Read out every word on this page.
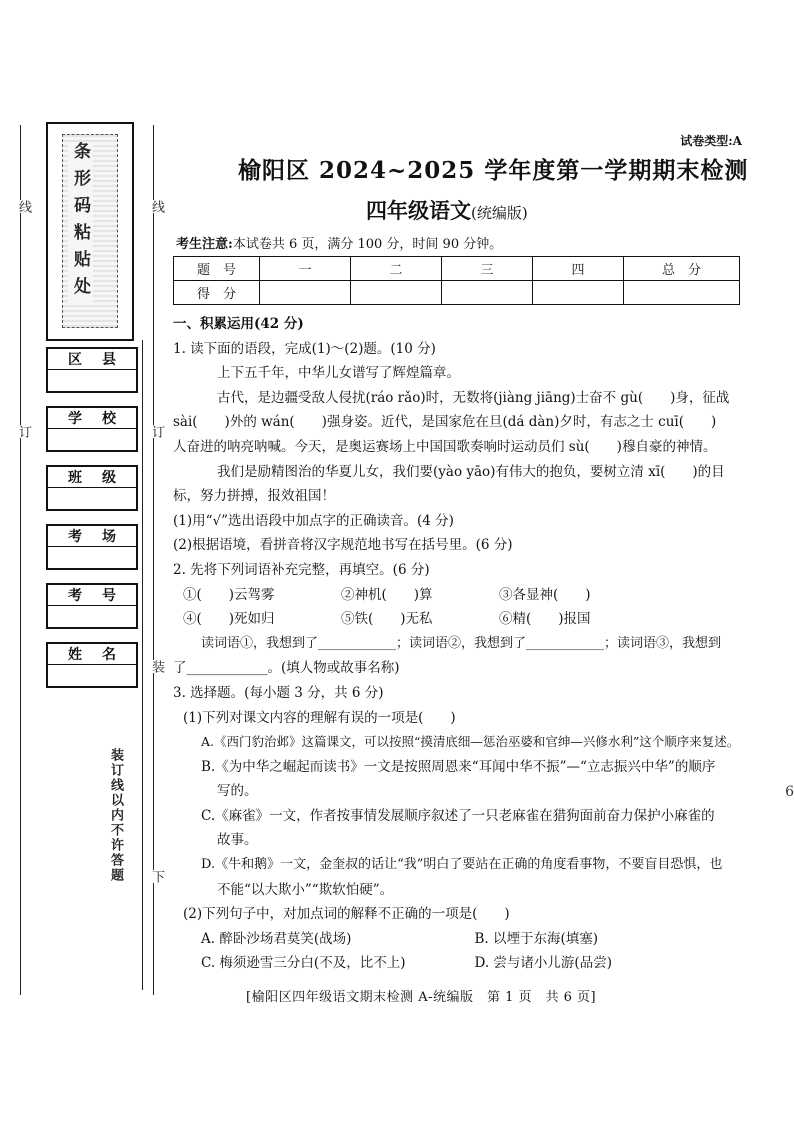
线	线
订	订
装
下
装订线以内不许答题
条形码粘贴处
区 县
学 校
班 级
考 场
考 号
姓 名
试卷类型:A
榆阳区 2024~2025 学年度第一学期期末检测
四年级语文(统编版)
考生注意:本试卷共 6 页，满分 100 分，时间 90 分钟。
题　号	一	二	三	四	总　分
得　分					

一、积累运用(42 分)

1. 读下面的语段，完成(1)～(2)题。(10 分)

上下五千年，中华儿女谱写了辉煌篇章。

古代，是边疆受敌人侵扰(ráo rǎo)时，无数将(jiàng jiāng)士奋不 gù(　　)身，征战

sài(　　)外的 wán(　　)强身姿。近代，是国家危在旦(dá dàn)夕时，有志之士 cuī(　　)

人奋进的呐亮呐喊。今天，是奥运赛场上中国国歌奏响时运动员们 sù(　　)穆自豪的神情。

我们是励精图治的华夏儿女，我们要(yào yāo)有伟大的抱负，要树立清 xī(　　)的目

标，努力拼搏，报效祖国！

(1)用“√”选出语段中加点字的正确读音。(4 分)

(2)根据语境，看拼音将汉字规范地书写在括号里。(6 分)

2. 先将下列词语补充完整，再填空。(6 分)

①(　　)云驾雾	②神机(　　)算	③各显神(　　)
④(　　)死如归	⑤铁(　　)无私	⑥精(　　)报国

读词语①，我想到了____________；读词语②，我想到了____________；读词语③，我想到

了____________。(填人物或故事名称)

3. 选择题。(每小题 3 分，共 6 分)

(1)下列对课文内容的理解有误的一项是(　　)

A.《西门豹治邺》这篇课文，可以按照“摸清底细—惩治巫婆和官绅—兴修水利”这个顺序来复述。

B.《为中华之崛起而读书》一文是按照周恩来“耳闻中华不振”—“立志振兴中华”的顺序

写的。

C.《麻雀》一文，作者按事情发展顺序叙述了一只老麻雀在猎狗面前奋力保护小麻雀的

故事。

D.《牛和鹅》一文，金奎叔的话让“我”明白了要站在正确的角度看事物，不要盲目恐惧，也

不能“以大欺小”“欺软怕硬”。

(2)下列句子中，对加点词的解释不正确的一项是(　　)

A. 醉卧沙场君莫笑(战场)	B. 以堙于东海(填塞)
C. 梅须逊雪三分白(不及，比不上)	D. 尝与诸小儿游(品尝)
[榆阳区四年级语文期末检测 A-统编版　第 1 页　共 6 页]
6
